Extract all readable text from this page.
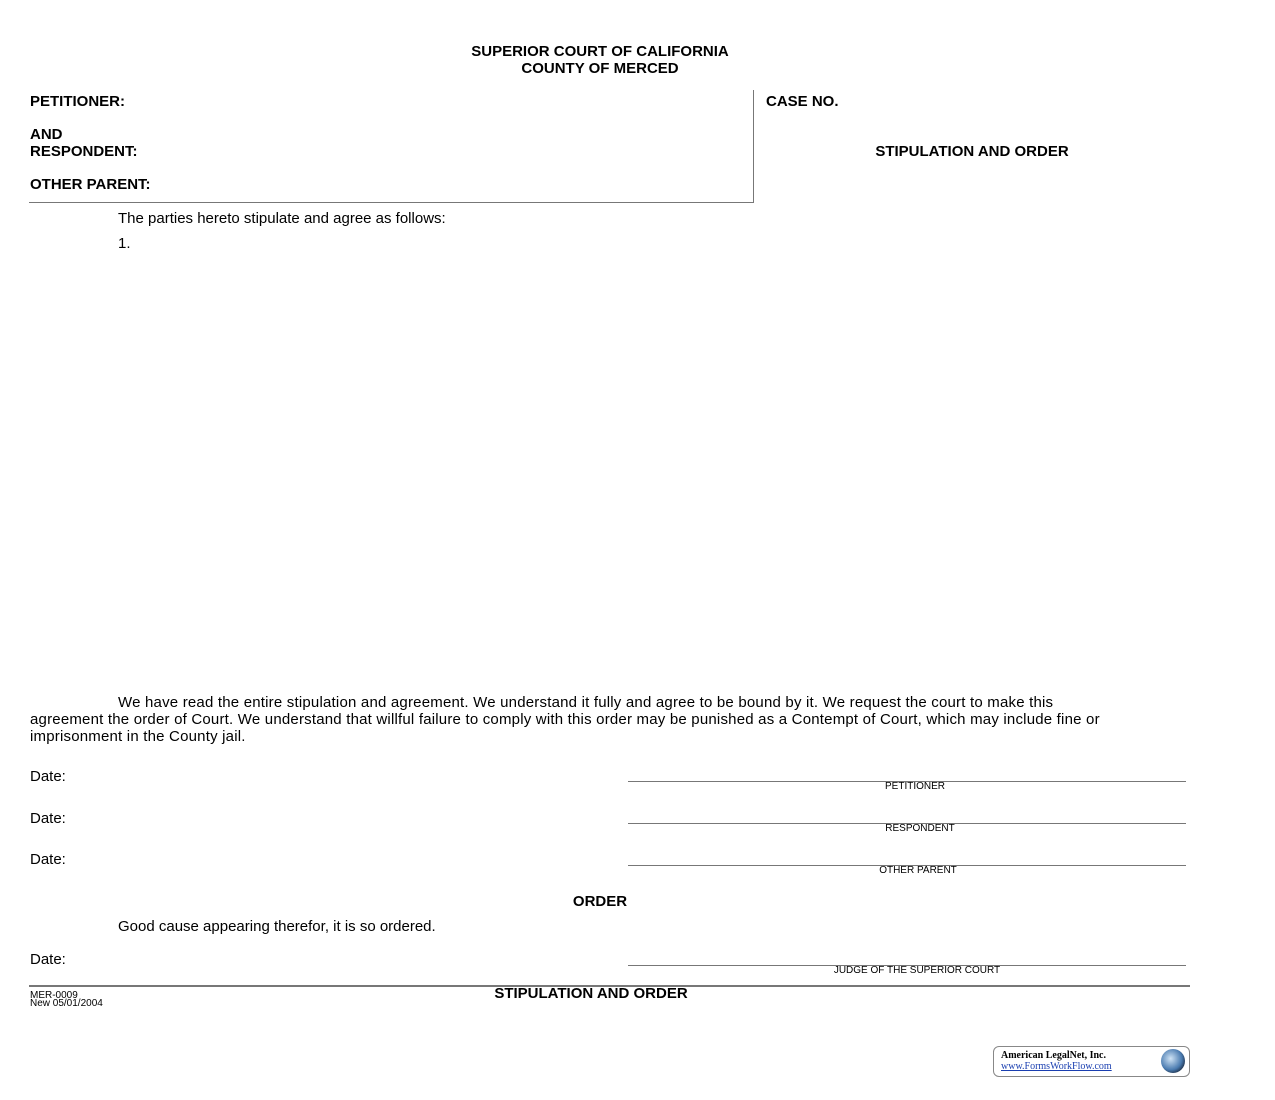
SUPERIOR COURT OF CALIFORNIA
COUNTY OF MERCED
PETITIONER:
AND
RESPONDENT:
OTHER PARENT:
CASE NO.
STIPULATION AND ORDER
The parties hereto stipulate and agree as follows:
1.
We have read the entire stipulation and agreement. We understand it fully and agree to be bound by it. We request the court to make this agreement the order of Court. We understand that willful failure to comply with this order may be punished as a Contempt of Court, which may include fine or imprisonment in the County jail.
Date:
PETITIONER
Date:
RESPONDENT
Date:
OTHER PARENT
ORDER
Good cause appearing therefor, it is so ordered.
Date:
JUDGE OF THE SUPERIOR COURT
MER-0009
New 05/01/2004
STIPULATION AND ORDER
American LegalNet, Inc.
www.FormsWorkFlow.com
